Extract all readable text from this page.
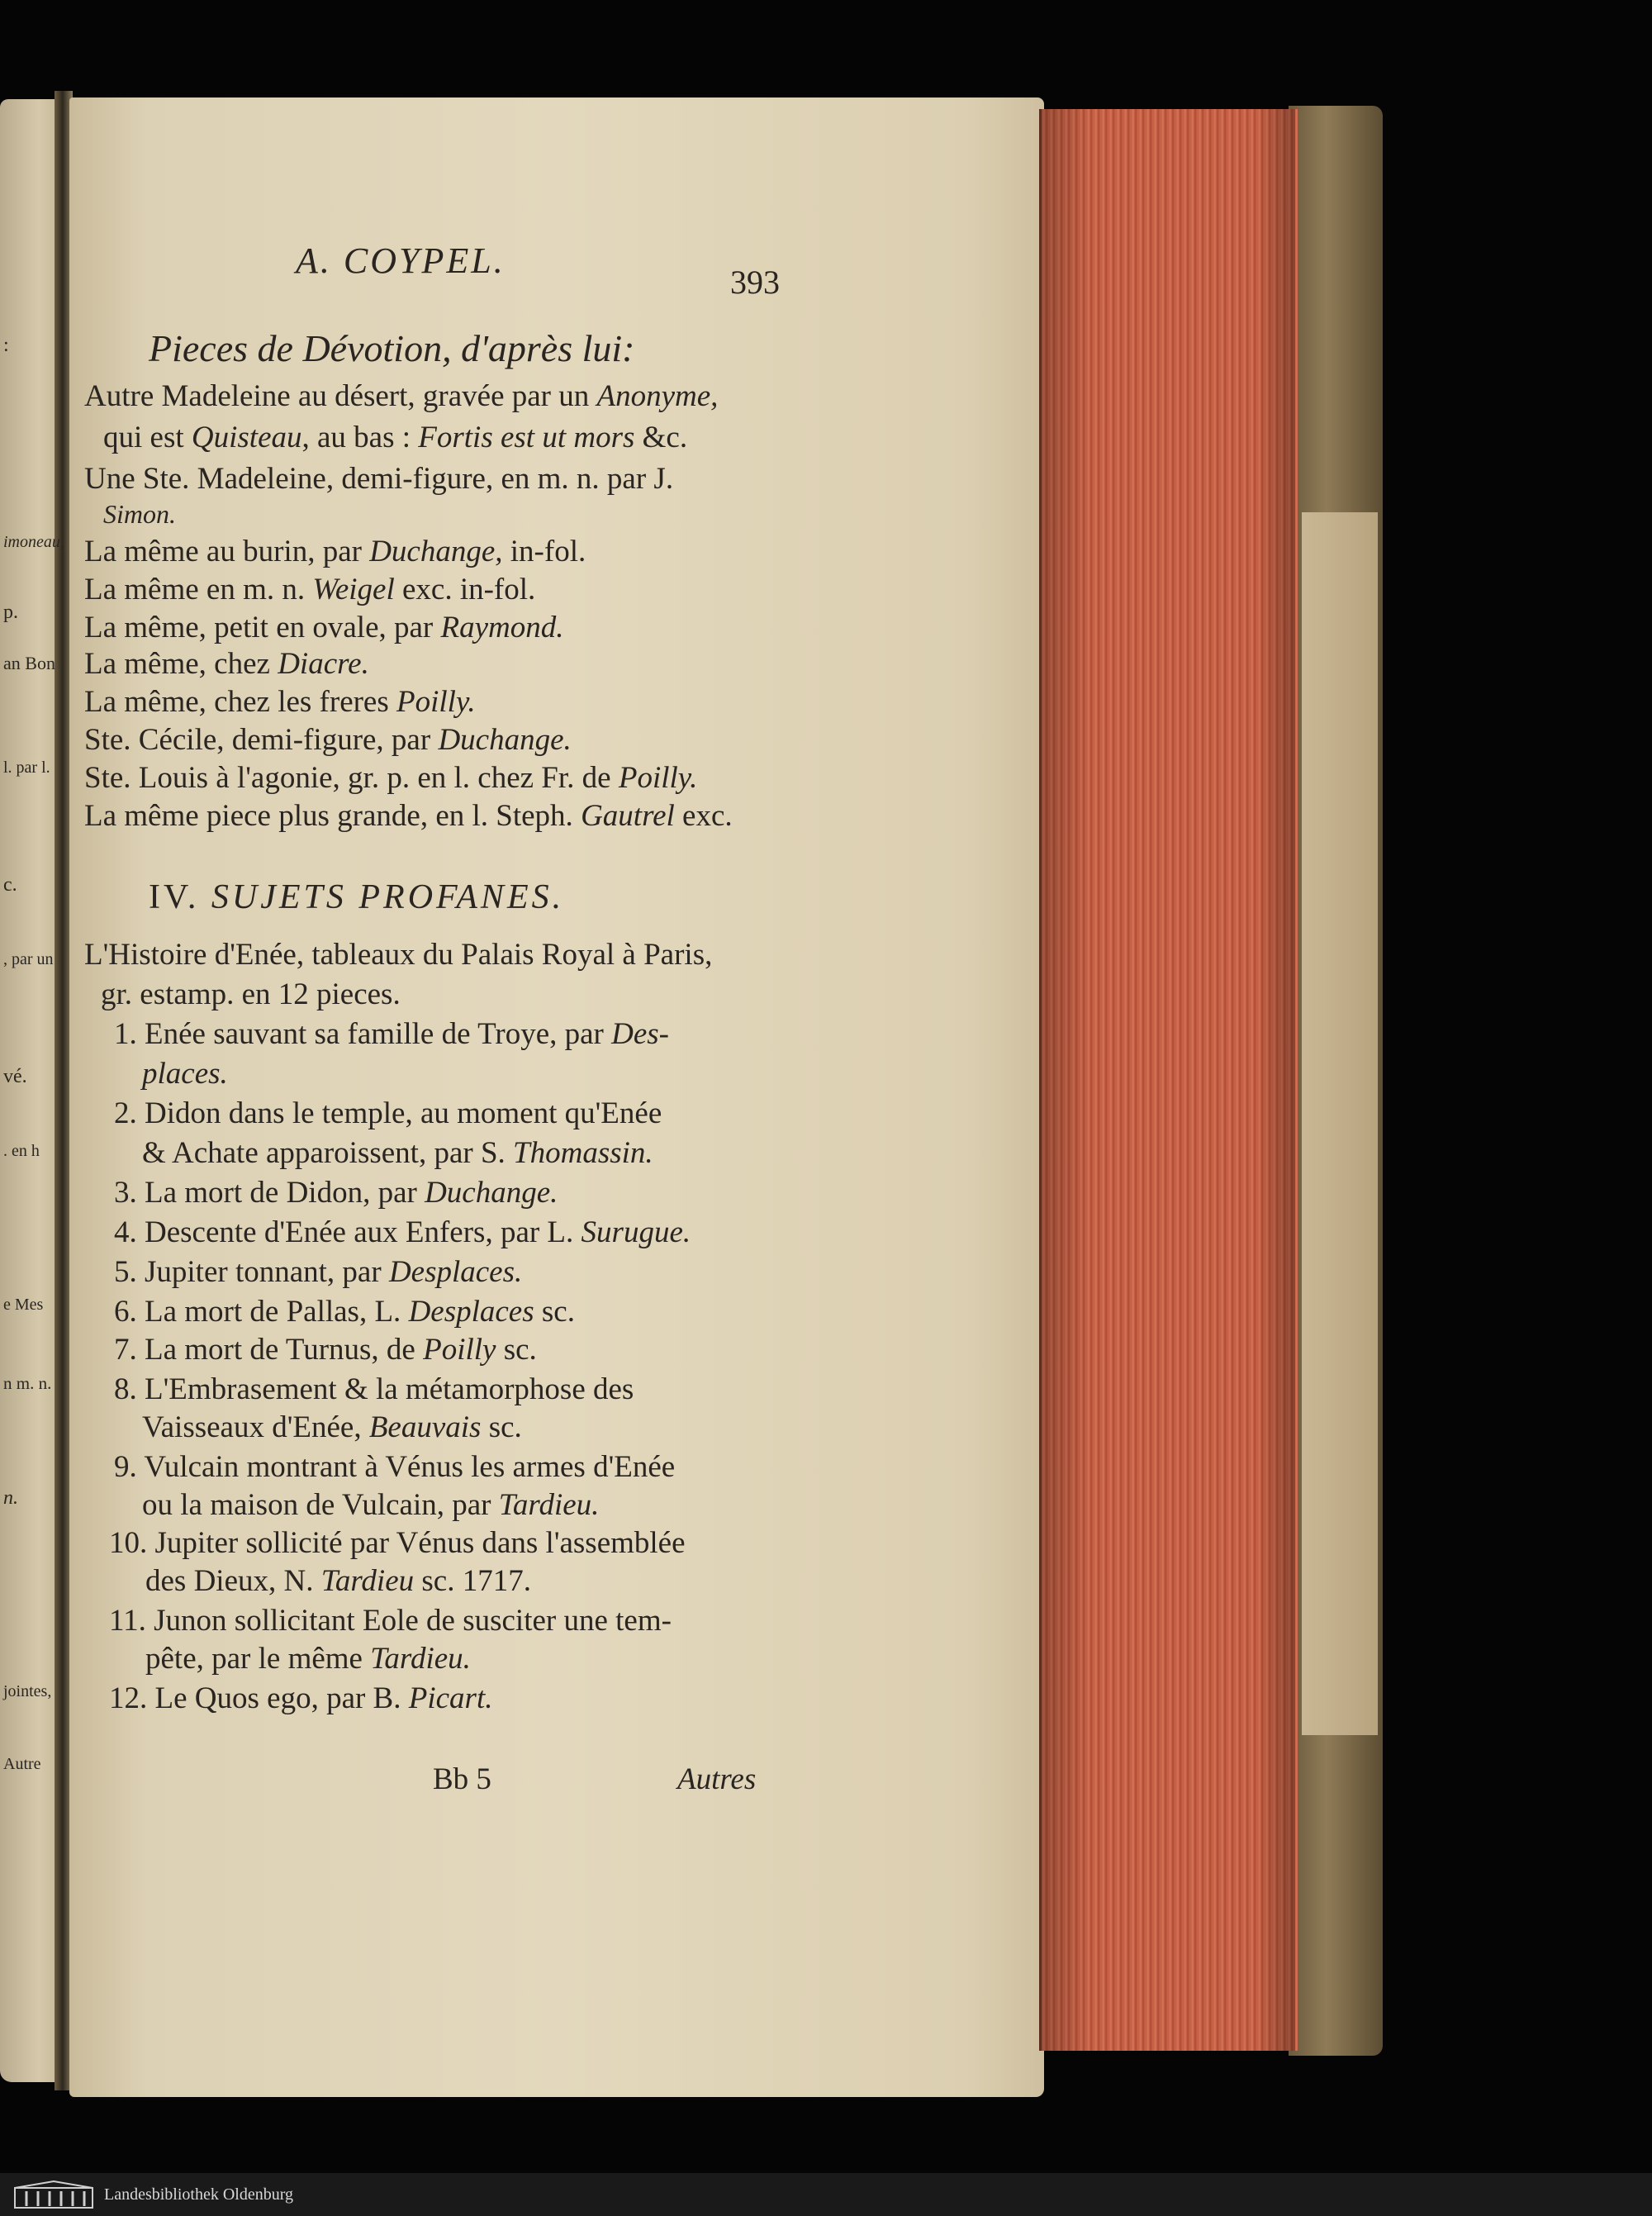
:
imoneau,
p.
an Bon
l. par l.
c.
, par un
vé.
. en h
e Mes
n m. n.
n.
jointes,
Autre
A. COYPEL.
393
Pieces de Dévotion, d'après lui:
Autre Madeleine au désert, gravée par un Anonyme,
qui est Quisteau, au bas : Fortis est ut mors &c.
Une Ste. Madeleine, demi-figure, en m. n. par J.
Simon.
La même au burin, par Duchange, in-fol.
La même en m. n. Weigel exc. in-fol.
La même, petit en ovale, par Raymond.
La même, chez Diacre.
La même, chez les freres Poilly.
Ste. Cécile, demi-figure, par Duchange.
Ste. Louis à l'agonie, gr. p. en l. chez Fr. de Poilly.
La même piece plus grande, en l. Steph. Gautrel exc.
IV. SUJETS PROFANES.
L'Histoire d'Enée, tableaux du Palais Royal à Paris,
gr. estamp. en 12 pieces.
1. Enée sauvant sa famille de Troye, par Des-
places.
2. Didon dans le temple, au moment qu'Enée
& Achate apparoissent, par S. Thomassin.
3. La mort de Didon, par Duchange.
4. Descente d'Enée aux Enfers, par L. Surugue.
5. Jupiter tonnant, par Desplaces.
6. La mort de Pallas, L. Desplaces sc.
7. La mort de Turnus, de Poilly sc.
8. L'Embrasement & la métamorphose des
Vaisseaux d'Enée, Beauvais sc.
9. Vulcain montrant à Vénus les armes d'Enée
ou la maison de Vulcain, par Tardieu.
10. Jupiter sollicité par Vénus dans l'assemblée
des Dieux, N. Tardieu sc. 1717.
11. Junon sollicitant Eole de susciter une tem-
pête, par le même Tardieu.
12. Le Quos ego, par B. Picart.
Bb 5	Autres
Landesbibliothek Oldenburg
